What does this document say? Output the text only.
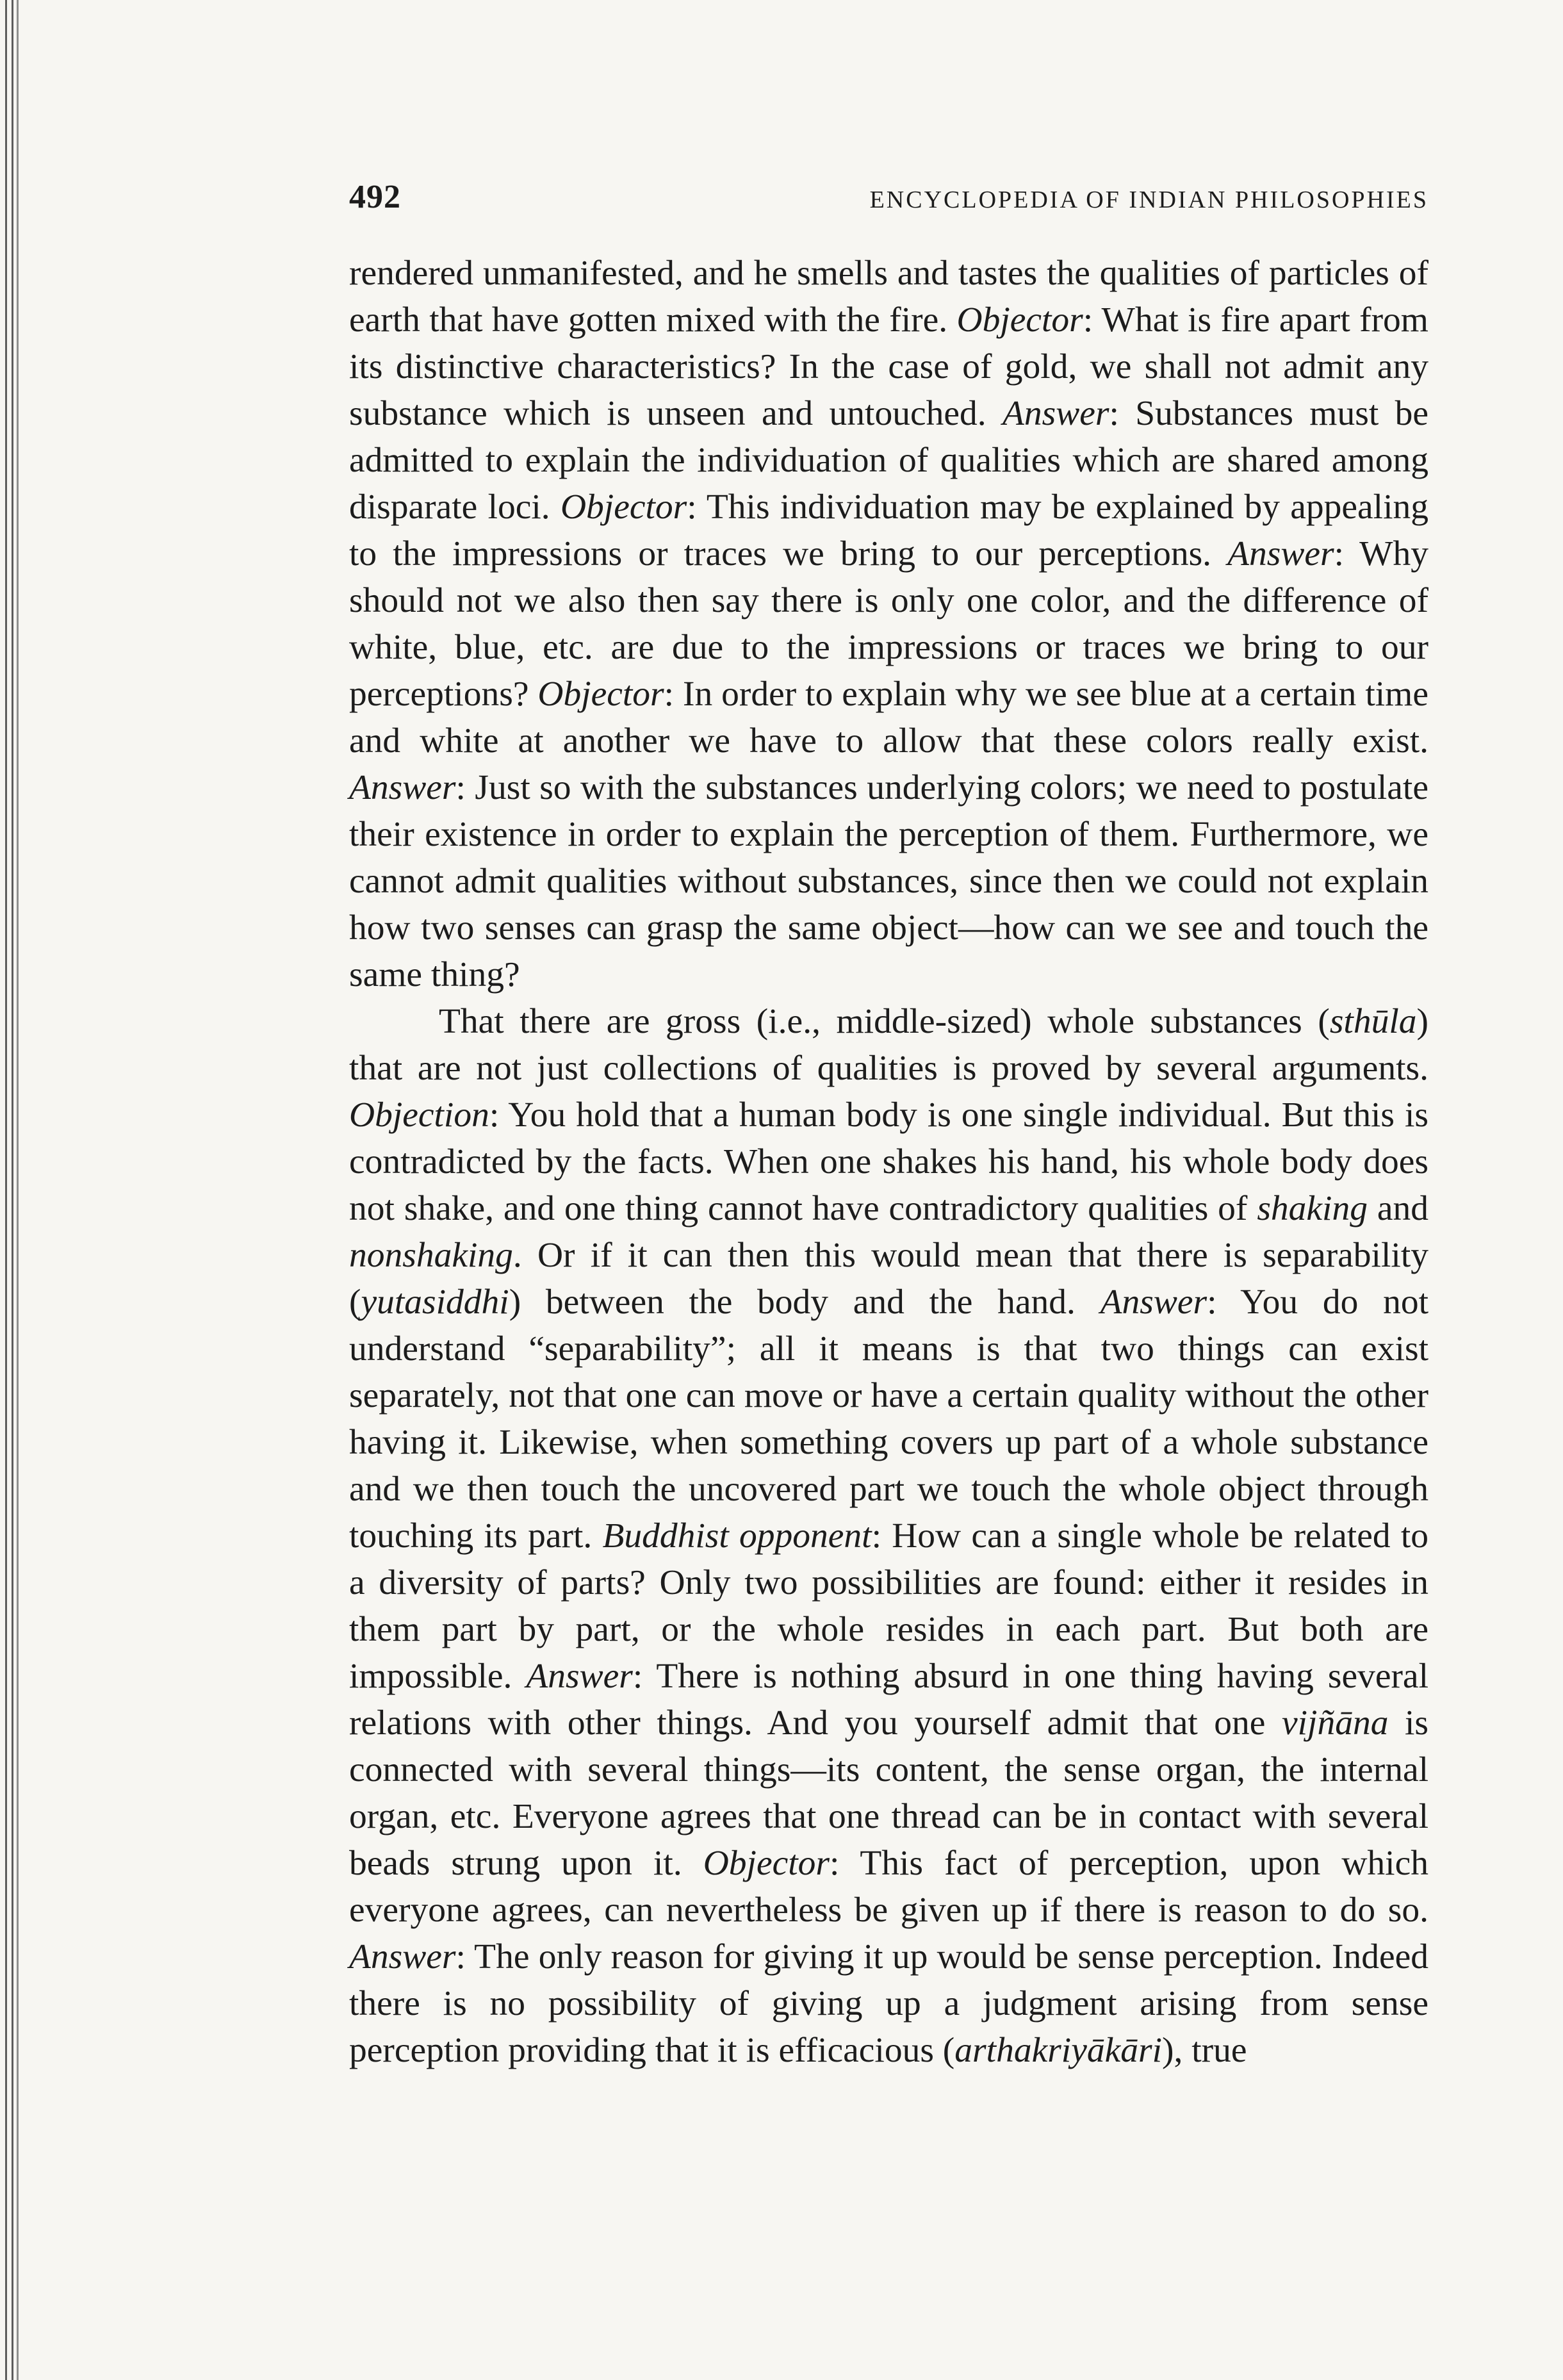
492	ENCYCLOPEDIA OF INDIAN PHILOSOPHIES

rendered unmanifested, and he smells and tastes the qualities of particles of earth that have gotten mixed with the fire. Objector: What is fire apart from its distinctive characteristics? In the case of gold, we shall not admit any substance which is unseen and untouched. Answer: Substances must be admitted to explain the individuation of qualities which are shared among disparate loci. Objector: This individuation may be explained by appealing to the impressions or traces we bring to our perceptions. Answer: Why should not we also then say there is only one color, and the difference of white, blue, etc. are due to the impressions or traces we bring to our perceptions? Objector: In order to explain why we see blue at a certain time and white at another we have to allow that these colors really exist. Answer: Just so with the substances underlying colors; we need to postulate their existence in order to explain the perception of them. Furthermore, we cannot admit qualities without substances, since then we could not explain how two senses can grasp the same object—how can we see and touch the same thing?

That there are gross (i.e., middle-sized) whole substances (sthūla) that are not just collections of qualities is proved by several arguments. Objection: You hold that a human body is one single individual. But this is contradicted by the facts. When one shakes his hand, his whole body does not shake, and one thing cannot have contradictory qualities of shaking and nonshaking. Or if it can then this would mean that there is separability (yutasiddhi) between the body and the hand. Answer: You do not understand “separability”; all it means is that two things can exist separately, not that one can move or have a certain quality without the other having it. Likewise, when something covers up part of a whole substance and we then touch the uncovered part we touch the whole object through touching its part. Buddhist opponent: How can a single whole be related to a diversity of parts? Only two possibilities are found: either it resides in them part by part, or the whole resides in each part. But both are impossible. Answer: There is nothing absurd in one thing having several relations with other things. And you yourself admit that one vijñāna is connected with several things—its content, the sense organ, the internal organ, etc. Everyone agrees that one thread can be in contact with several beads strung upon it. Objector: This fact of perception, upon which everyone agrees, can nevertheless be given up if there is reason to do so. Answer: The only reason for giving it up would be sense perception. Indeed there is no possibility of giving up a judgment arising from sense perception providing that it is efficacious (arthakriyākāri), true
